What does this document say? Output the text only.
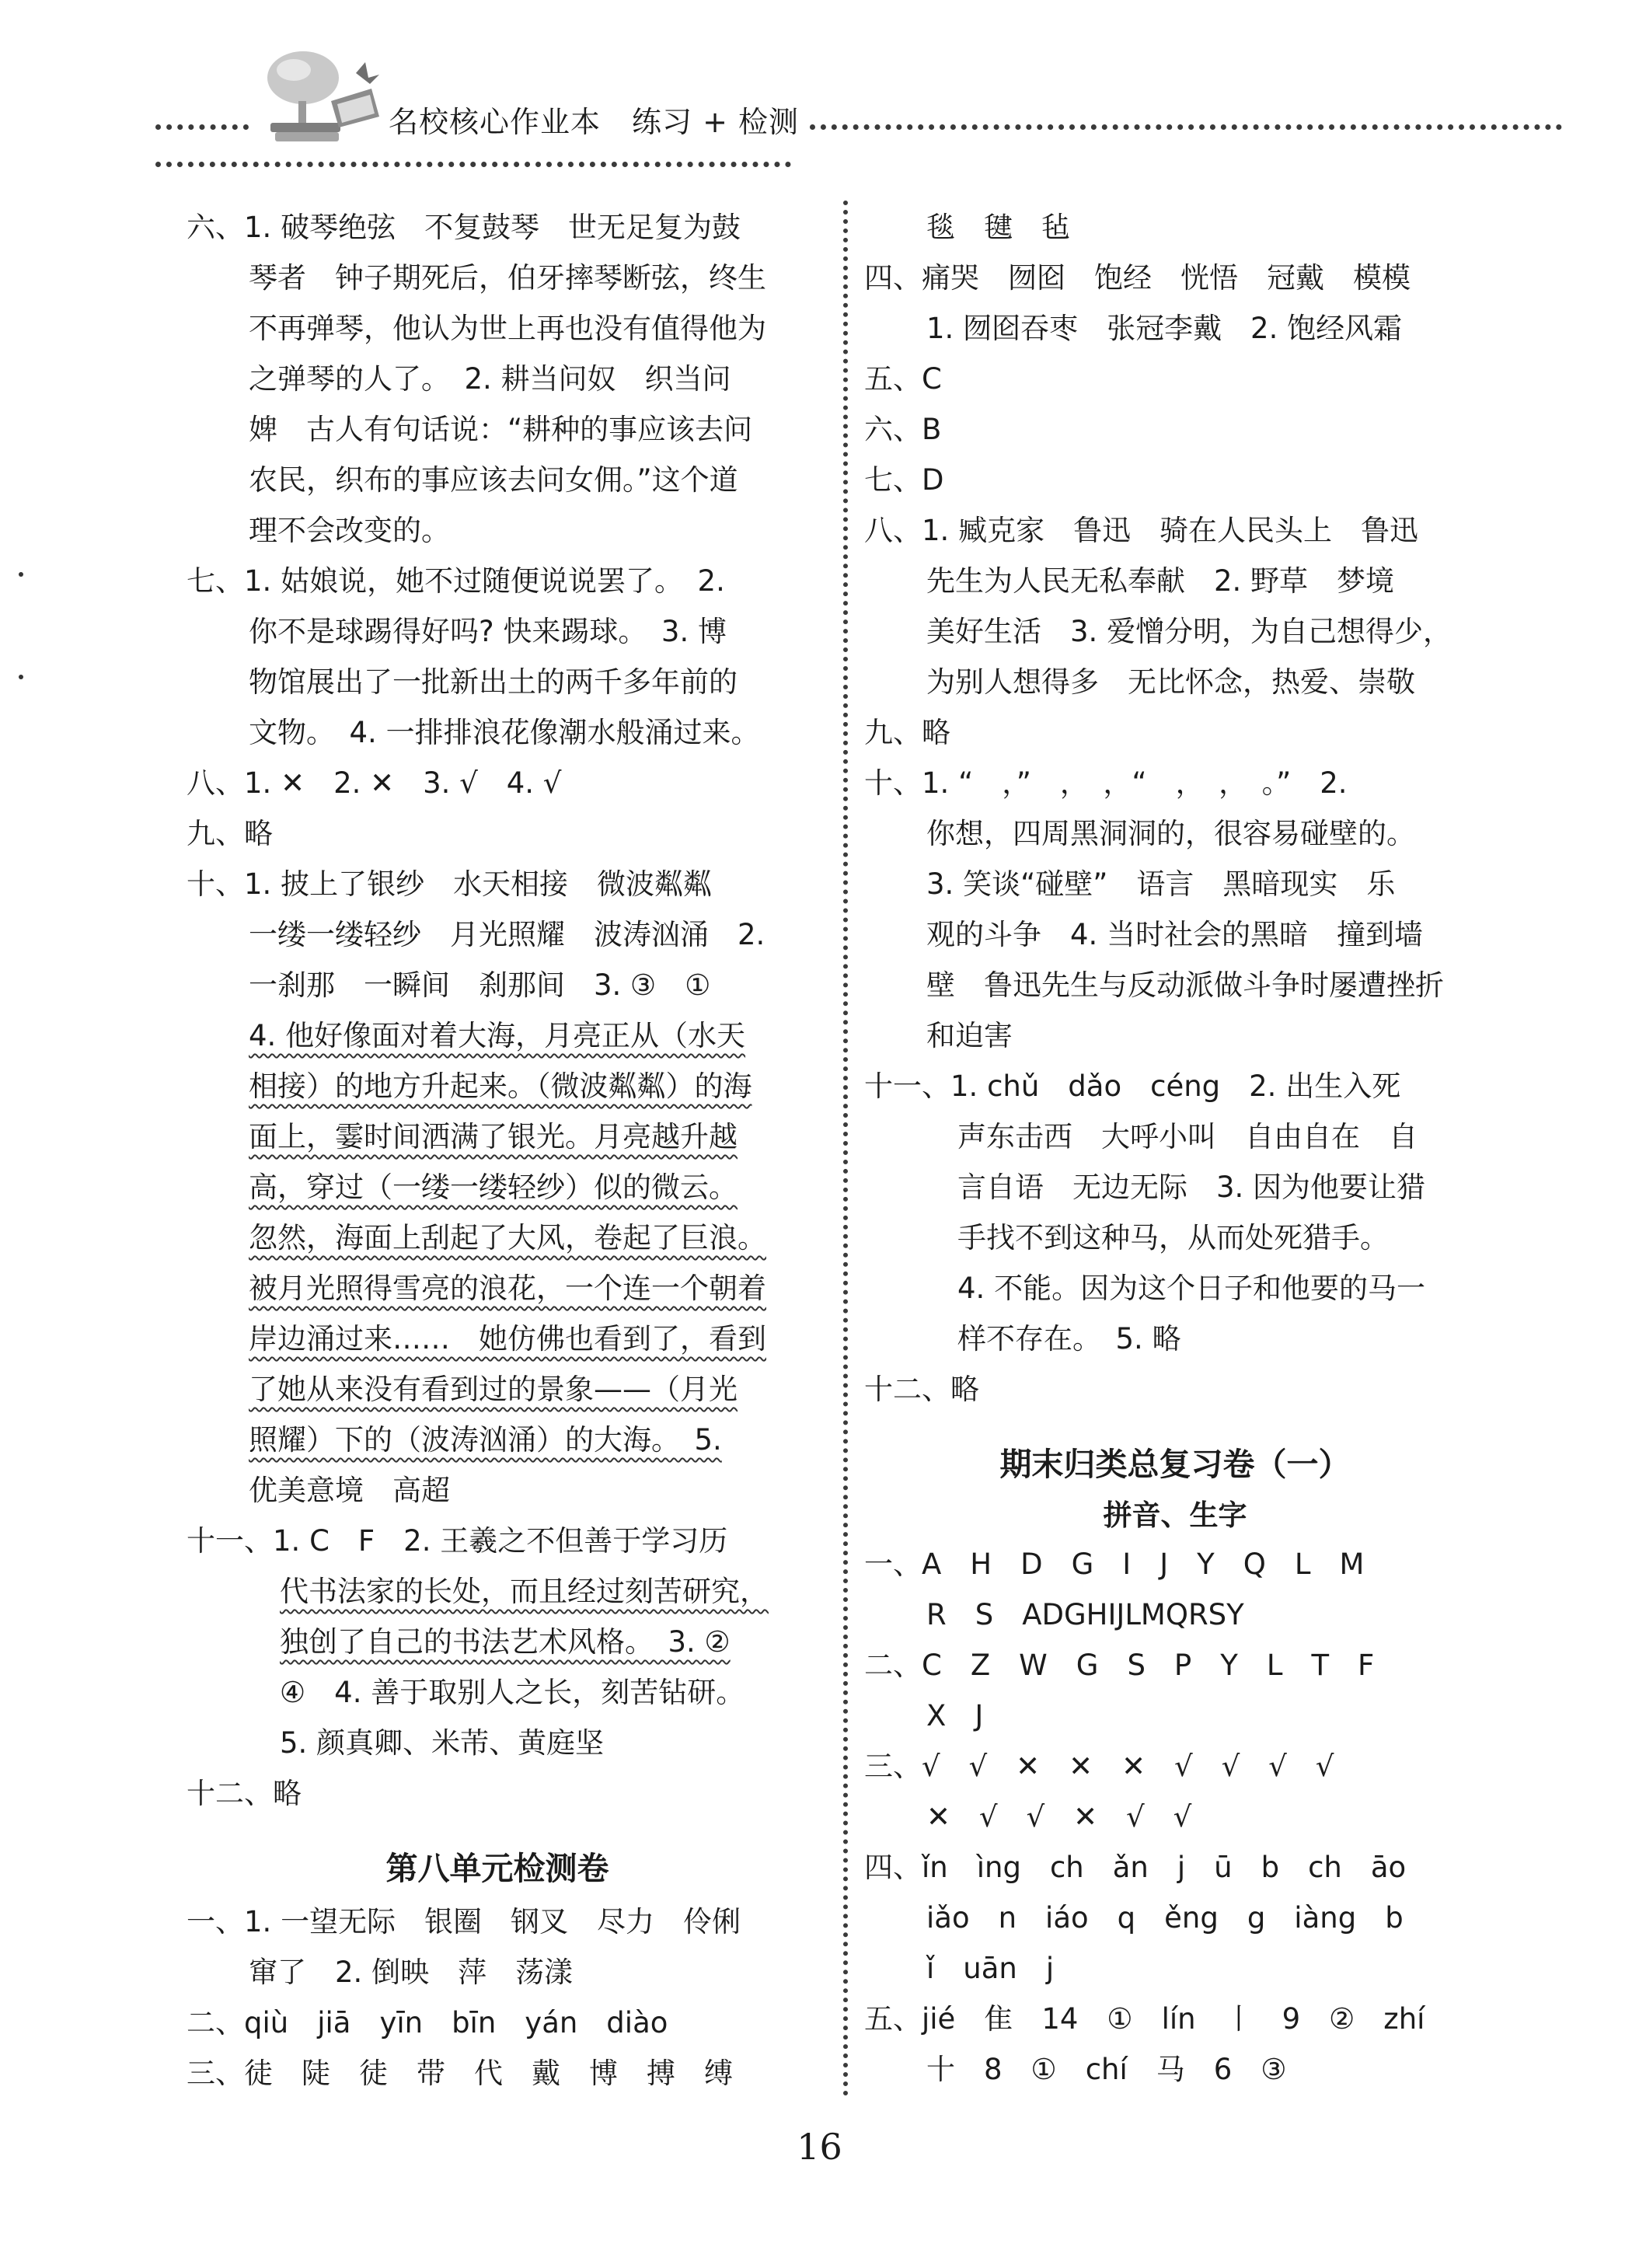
名校核心作业本 练习 + 检测
六、1. 破琴绝弦　不复鼓琴　世无足复为鼓
琴者　钟子期死后，伯牙摔琴断弦，终生
不再弹琴，他认为世上再也没有值得他为
之弹琴的人了。　2. 耕当问奴　织当问
婢　古人有句话说：“耕种的事应该去问
农民，织布的事应该去问女佣。”这个道
理不会改变的。
七、1. 姑娘说，她不过随便说说罢了。　2.
你不是球踢得好吗? 快来踢球。　3. 博
物馆展出了一批新出土的两千多年前的
文物。　4. 一排排浪花像潮水般涌过来。
八、1. ✕　2. ✕　3. √　4. √
九、略
十、1. 披上了银纱　水天相接　微波粼粼
一缕一缕轻纱　月光照耀　波涛汹涌　2.
一刹那　一瞬间　刹那间　3. ③　①
4. 他好像面对着大海，月亮正从（水天
相接）的地方升起来。（微波粼粼）的海
面上，霎时间洒满了银光。月亮越升越
高，穿过（一缕一缕轻纱）似的微云。
忽然，海面上刮起了大风，卷起了巨浪。
被月光照得雪亮的浪花，一个连一个朝着
岸边涌过来……　她仿佛也看到了，看到
了她从来没有看到过的景象——（月光
照耀）下的（波涛汹涌）的大海。　5.
优美意境　高超
十一、1. C　F　2. 王羲之不但善于学习历
代书法家的长处，而且经过刻苦研究，
独创了自己的书法艺术风格。　3. ②
④　4. 善于取别人之长，刻苦钻研。
5. 颜真卿、米芾、黄庭坚
十二、略
第八单元检测卷
一、1. 一望无际　银圈　钢叉　尽力　伶俐
窜了　2. 倒映　萍　荡漾
二、qiù　jiā　yīn　bīn　yán　diào
三、徒　陡　徒　带　代　戴　博　搏　缚
毯　毽　毡
四、痛哭　囫囵　饱经　恍悟　冠戴　模模
1. 囫囵吞枣　张冠李戴　2. 饱经风霜
五、C
六、B
七、D
八、1. 臧克家　鲁迅　骑在人民头上　鲁迅
先生为人民无私奉献　2. 野草　梦境
美好生活　3. 爱憎分明，为自己想得少，
为别人想得多　无比怀念，热爱、崇敬
九、略
十、1. “　，”　，　，“　，　，　。”　2.
你想，四周黑洞洞的，很容易碰壁的。
3. 笑谈“碰壁”　语言　黑暗现实　乐
观的斗争　4. 当时社会的黑暗　撞到墙
壁　鲁迅先生与反动派做斗争时屡遭挫折
和迫害
十一、1. chǔ　dǎo　céng　2. 出生入死
声东击西　大呼小叫　自由自在　自
言自语　无边无际　3. 因为他要让猎
手找不到这种马，从而处死猎手。
4. 不能。因为这个日子和他要的马一
样不存在。　5. 略
十二、略
期末归类总复习卷（一）
拼音、生字
一、A　H　D　G　I　J　Y　Q　L　M
R　S　ADGHIJLMQRSY
二、C　Z　W　G　S　P　Y　L　T　F
X　J
三、√　√　✕　✕　✕　√　√　√　√
✕　√　√　✕　√　√
四、ǐn　ìng　ch　ǎn　j　ū　b　ch　āo
iǎo　n　iáo　q　ěng　g　iàng　b
ǐ　uān　j
五、jié　隹　14　①　lín　丨　9　②　zhí
十　8　①　chí　马　6　③
16
